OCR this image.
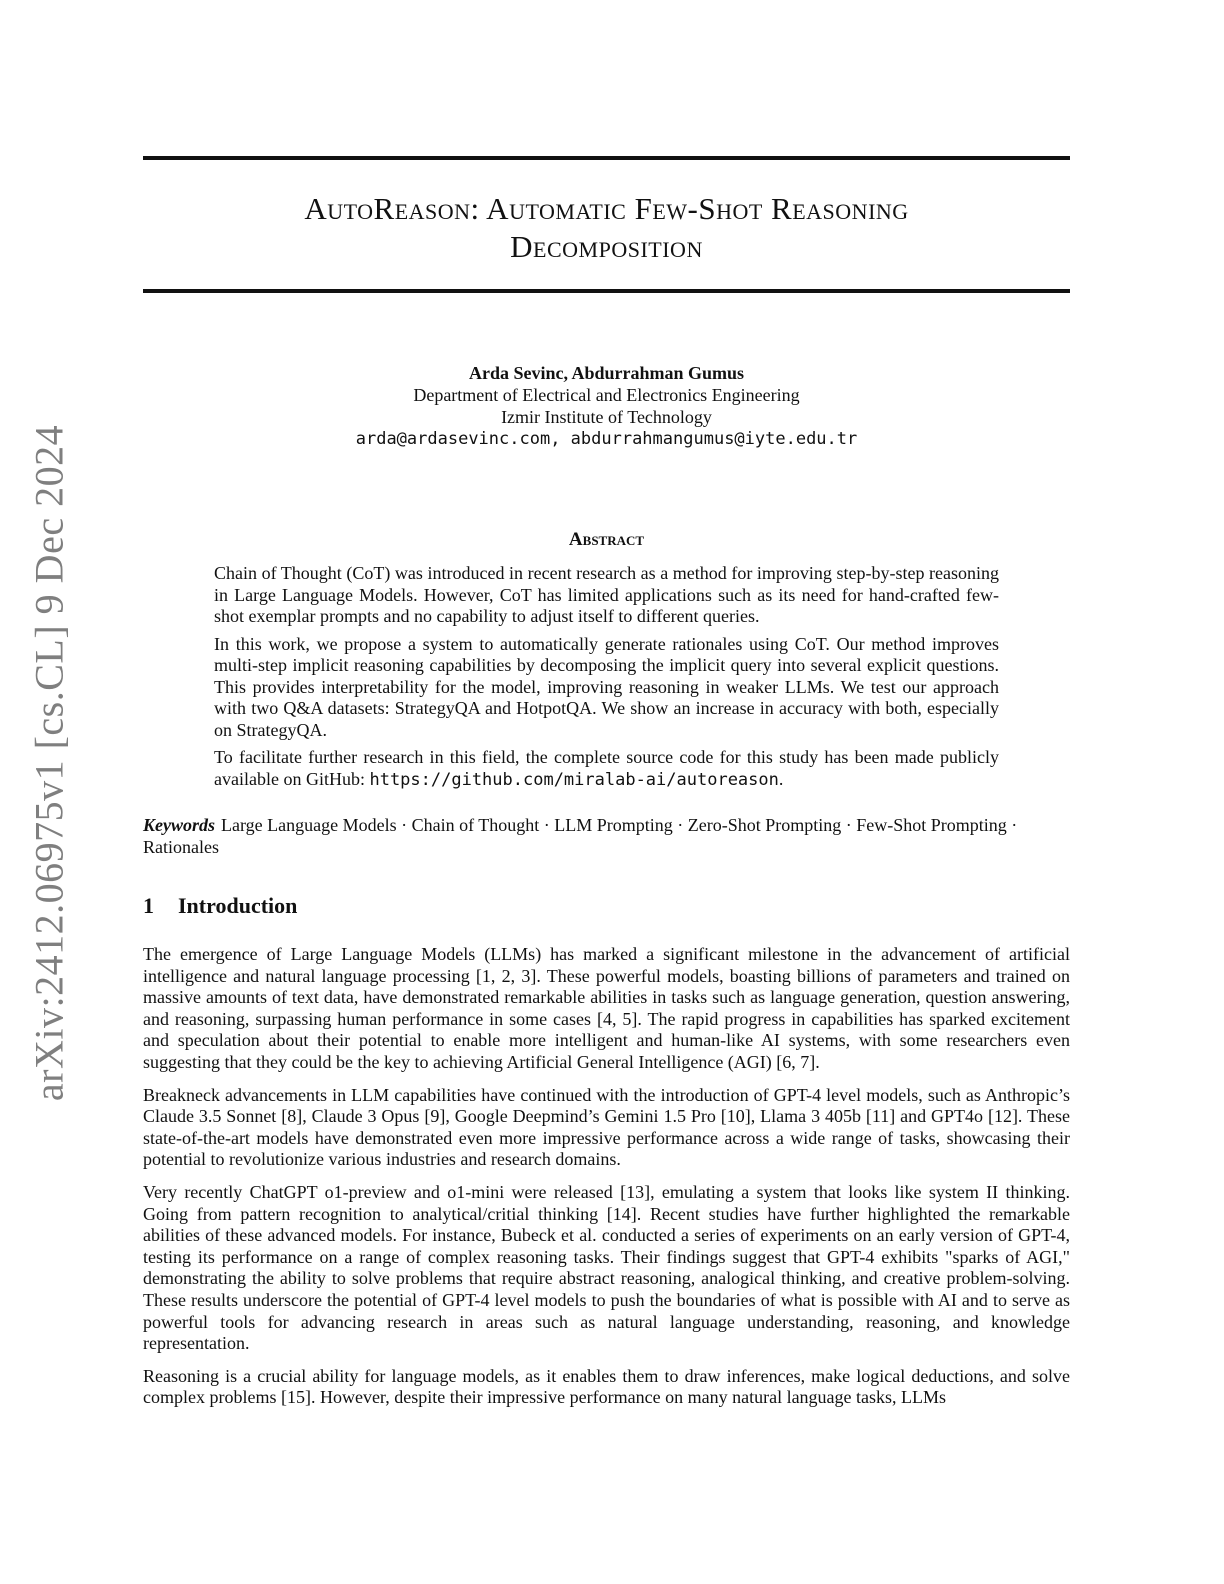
AutoReason: Automatic Few-Shot Reasoning
Decomposition
arXiv:2412.06975v1 [cs.CL] 9 Dec 2024
Arda Sevinc, Abdurrahman Gumus
Department of Electrical and Electronics Engineering
Izmir Institute of Technology
arda@ardasevinc.com, abdurrahmangumus@iyte.edu.tr
Abstract

Chain of Thought (CoT) was introduced in recent research as a method for improving step-by-step reasoning in Large Language Models. However, CoT has limited applications such as its need for hand-crafted few-shot exemplar prompts and no capability to adjust itself to different queries.

In this work, we propose a system to automatically generate rationales using CoT. Our method improves multi-step implicit reasoning capabilities by decomposing the implicit query into several explicit questions. This provides interpretability for the model, improving reasoning in weaker LLMs. We test our approach with two Q&A datasets: StrategyQA and HotpotQA. We show an increase in accuracy with both, especially on StrategyQA.

To facilitate further research in this field, the complete source code for this study has been made publicly available on GitHub: https://github.com/miralab-ai/autoreason.

Keywords Large Language Models · Chain of Thought · LLM Prompting · Zero-Shot Prompting · Few-Shot Prompting · Rationales

1 Introduction

The emergence of Large Language Models (LLMs) has marked a significant milestone in the advancement of artificial intelligence and natural language processing [1, 2, 3]. These powerful models, boasting billions of parameters and trained on massive amounts of text data, have demonstrated remarkable abilities in tasks such as language generation, question answering, and reasoning, surpassing human performance in some cases [4, 5]. The rapid progress in capabilities has sparked excitement and speculation about their potential to enable more intelligent and human-like AI systems, with some researchers even suggesting that they could be the key to achieving Artificial General Intelligence (AGI) [6, 7].

Breakneck advancements in LLM capabilities have continued with the introduction of GPT-4 level models, such as Anthropic’s Claude 3.5 Sonnet [8], Claude 3 Opus [9], Google Deepmind’s Gemini 1.5 Pro [10], Llama 3 405b [11] and GPT4o [12]. These state-of-the-art models have demonstrated even more impressive performance across a wide range of tasks, showcasing their potential to revolutionize various industries and research domains.

Very recently ChatGPT o1-preview and o1-mini were released [13], emulating a system that looks like system II thinking. Going from pattern recognition to analytical/critial thinking [14]. Recent studies have further highlighted the remarkable abilities of these advanced models. For instance, Bubeck et al. conducted a series of experiments on an early version of GPT-4, testing its performance on a range of complex reasoning tasks. Their findings suggest that GPT-4 exhibits "sparks of AGI," demonstrating the ability to solve problems that require abstract reasoning, analogical thinking, and creative problem-solving. These results underscore the potential of GPT-4 level models to push the boundaries of what is possible with AI and to serve as powerful tools for advancing research in areas such as natural language understanding, reasoning, and knowledge representation.

Reasoning is a crucial ability for language models, as it enables them to draw inferences, make logical deductions, and solve complex problems [15]. However, despite their impressive performance on many natural language tasks, LLMs
